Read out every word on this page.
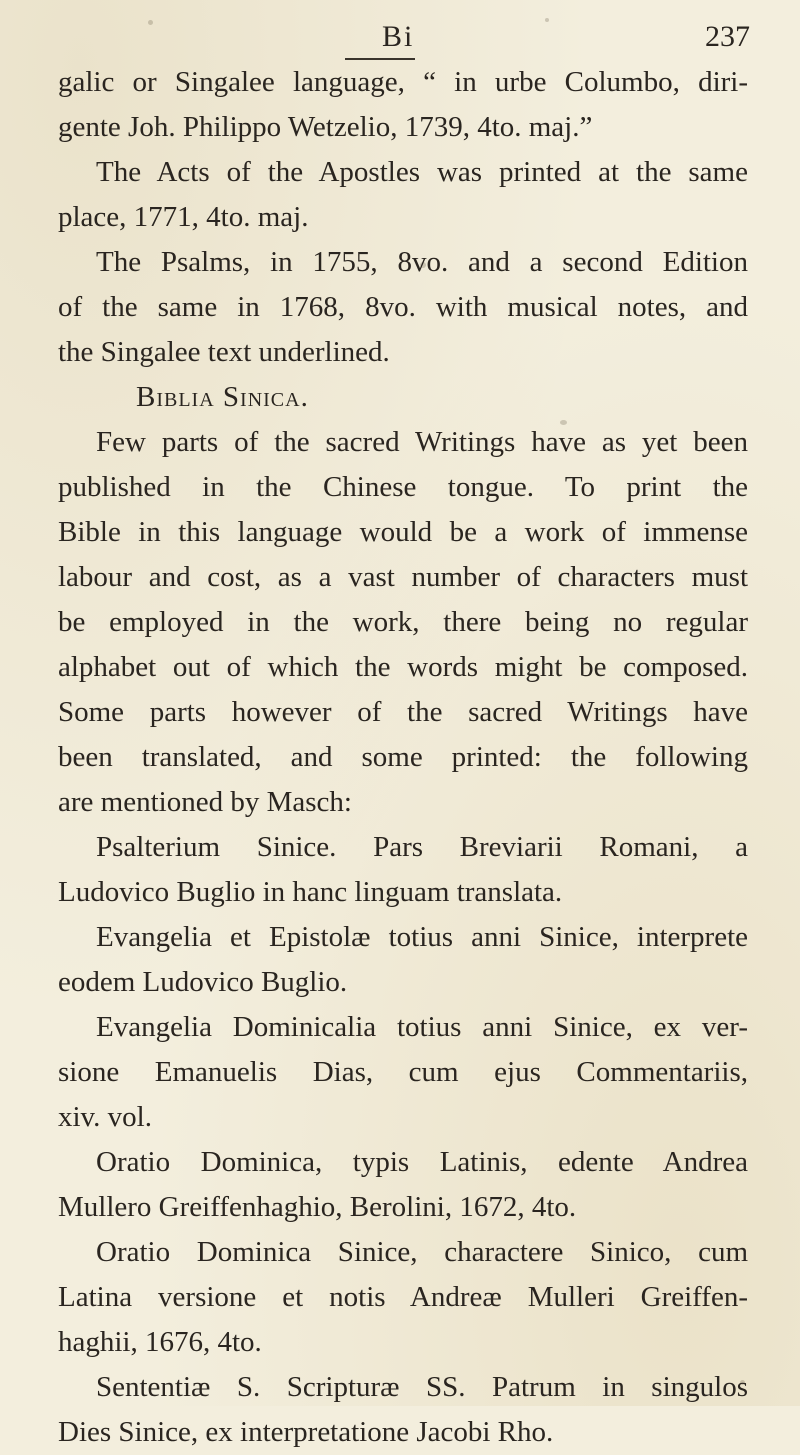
Bi	237

galic or Singalee language, “ in urbe Columbo, diri-

gente Joh. Philippo Wetzelio, 1739, 4to. maj.”

The Acts of the Apostles was printed at the same

place, 1771, 4to. maj.

The Psalms, in 1755, 8vo. and a second Edition

of the same in 1768, 8vo. with musical notes, and

the Singalee text underlined.

Biblia Sinica.

Few parts of the sacred Writings have as yet been

published in the Chinese tongue. To print the

Bible in this language would be a work of immense

labour and cost, as a vast number of characters must

be employed in the work, there being no regular

alphabet out of which the words might be composed.

Some parts however of the sacred Writings have

been translated, and some printed: the following

are mentioned by Masch:

Psalterium Sinice. Pars Breviarii Romani, a

Ludovico Buglio in hanc linguam translata.

Evangelia et Epistolæ totius anni Sinice, interprete

eodem Ludovico Buglio.

Evangelia Dominicalia totius anni Sinice, ex ver-

sione Emanuelis Dias, cum ejus Commentariis,

xiv. vol.

Oratio Dominica, typis Latinis, edente Andrea

Mullero Greiffenhaghio, Berolini, 1672, 4to.

Oratio Dominica Sinice, charactere Sinico, cum

Latina versione et notis Andreæ Mulleri Greiffen-

haghii, 1676, 4to.

Sententiæ S. Scripturæ SS. Patrum in singulos

Dies Sinice, ex interpretatione Jacobi Rho.
